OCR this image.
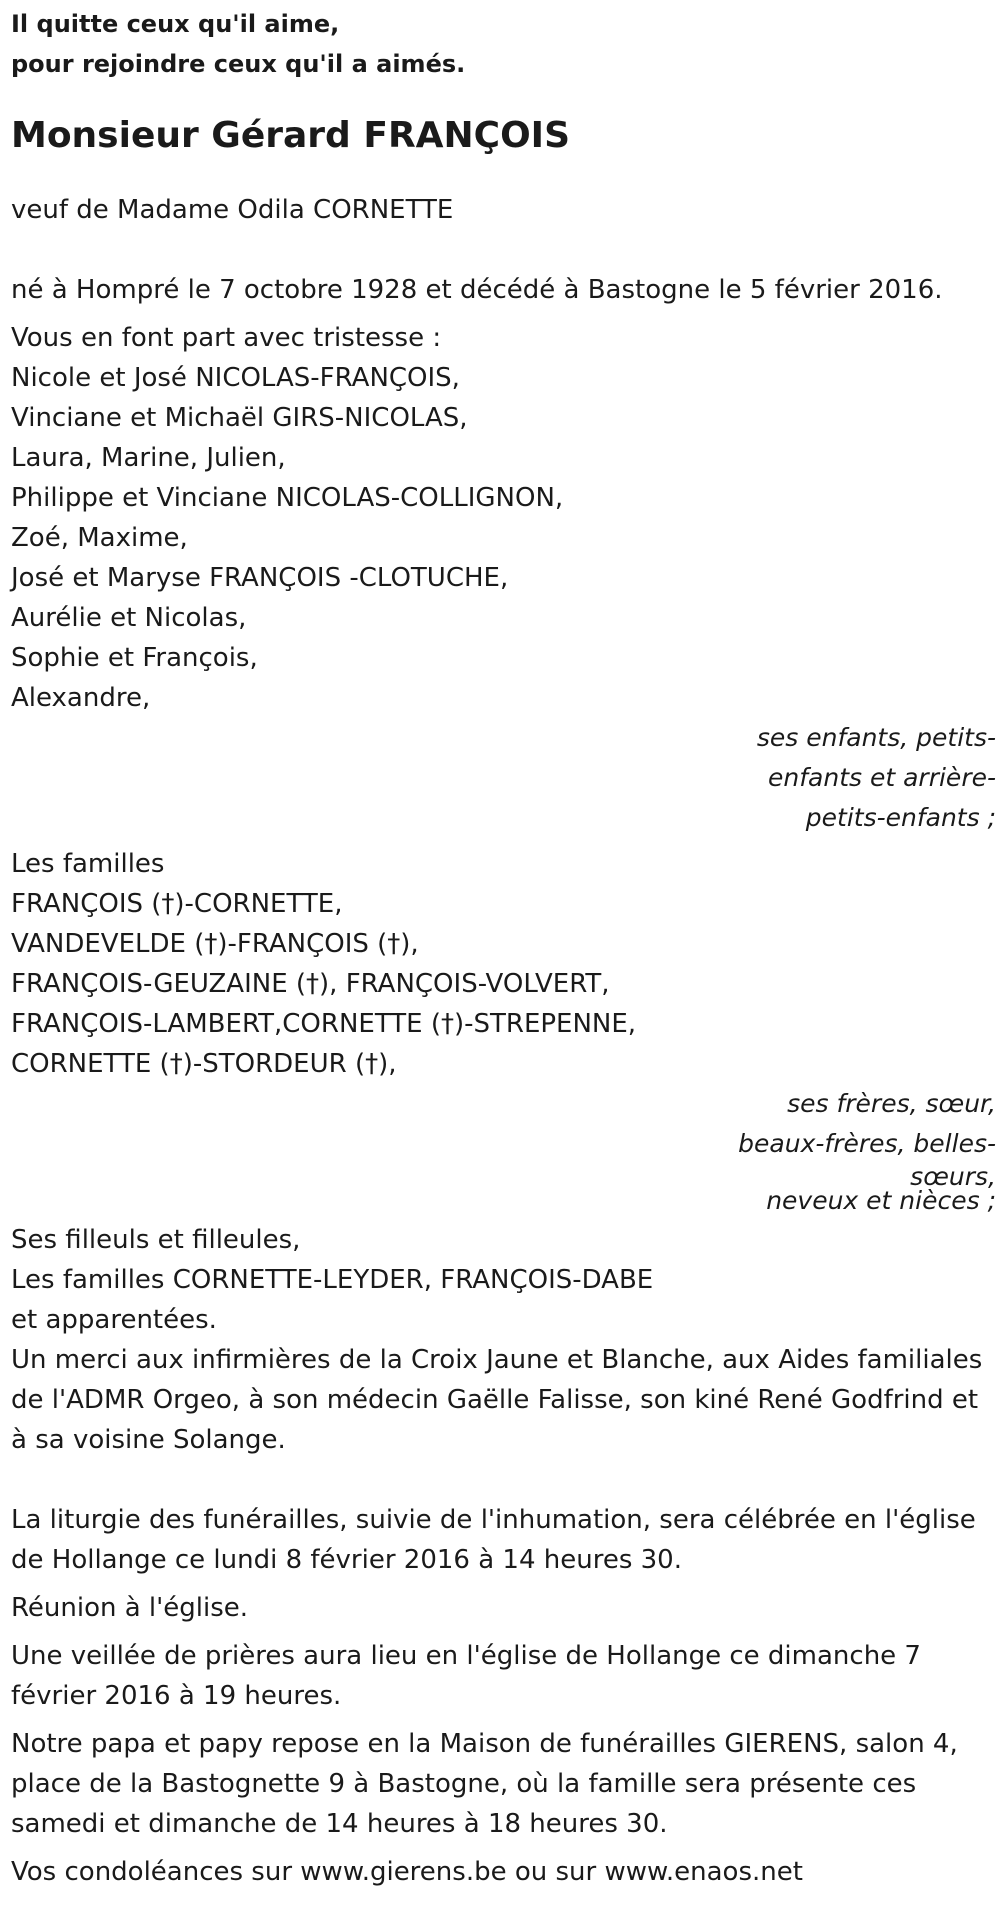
Il quitte ceux qu'il aime,
pour rejoindre ceux qu'il a aimés.
Monsieur Gérard FRANÇOIS

veuf de Madame Odila CORNETTE

né à Hompré le 7 octobre 1928 et décédé à Bastogne le 5 février 2016.

Vous en font part avec tristesse :
Nicole et José NICOLAS-FRANÇOIS,
Vinciane et Michaël GIRS-NICOLAS,
Laura, Marine, Julien,
Philippe et Vinciane NICOLAS-COLLIGNON,
Zoé, Maxime,
José et Maryse FRANÇOIS -CLOTUCHE,
Aurélie et Nicolas,
Sophie et François,
Alexandre,
ses enfants, petits-
enfants et arrière-
petits-enfants ;
Les familles
FRANÇOIS (†)-CORNETTE,
VANDEVELDE (†)-FRANÇOIS (†),
FRANÇOIS-GEUZAINE (†), FRANÇOIS-VOLVERT,
FRANÇOIS-LAMBERT,CORNETTE (†)-STREPENNE,
CORNETTE (†)-STORDEUR (†),
ses frères, sœur,
beaux-frères, belles-
sœurs,
neveux et nièces ;
Ses filleuls et filleules,
Les familles CORNETTE-LEYDER, FRANÇOIS-DABE
et apparentées.

Un merci aux infirmières de la Croix Jaune et Blanche, aux Aides familiales de l'ADMR Orgeo, à son médecin Gaëlle Falisse, son kiné René Godfrind et à sa voisine Solange.

La liturgie des funérailles, suivie de l'inhumation, sera célébrée en l'église de Hollange ce lundi 8 février 2016 à 14 heures 30.

Réunion à l'église.

Une veillée de prières aura lieu en l'église de Hollange ce dimanche 7 février 2016 à 19 heures.

Notre papa et papy repose en la Maison de funérailles GIERENS, salon 4, place de la Bastognette 9 à Bastogne, où la famille sera présente ces samedi et dimanche de 14 heures à 18 heures 30.

Vos condoléances sur www.gierens.be ou sur www.enaos.net
